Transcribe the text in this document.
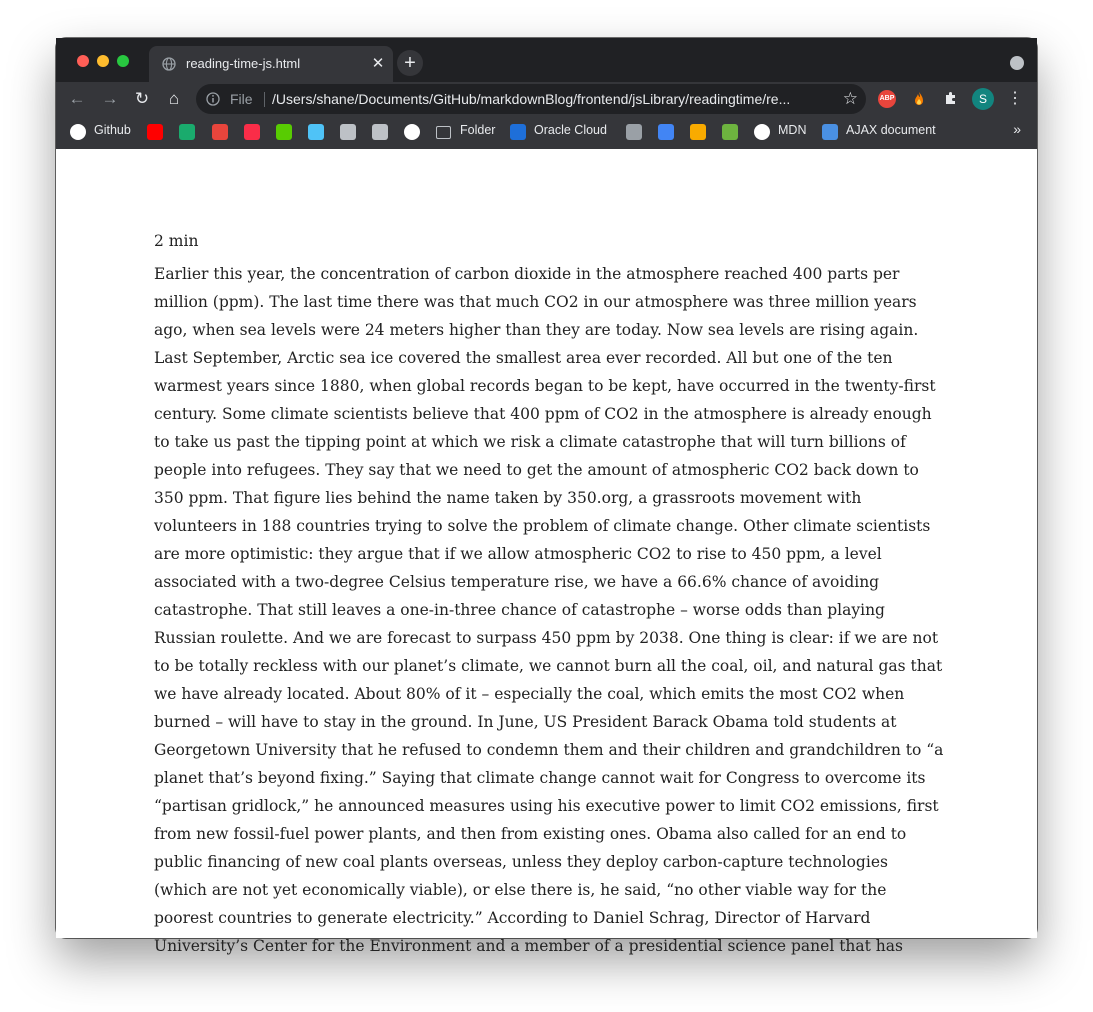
reading-time-js.html	✕ +
← → ↻	⌂	File /Users/shane/Documents/GitHub/markdownBlog/frontend/jsLibrary/readingtime/re...	☆	ABP	S	⋮
»
Github	Folder	Oracle Cloud	MDN	AJAX document
2 min

Earlier this year, the concentration of carbon dioxide in the atmosphere reached 400 parts per million (ppm). The last time there was that much CO2 in our atmosphere was three million years ago, when sea levels were 24 meters higher than they are today. Now sea levels are rising again. Last September, Arctic sea ice covered the smallest area ever recorded. All but one of the ten warmest years since 1880, when global records began to be kept, have occurred in the twenty-first century. Some climate scientists believe that 400 ppm of CO2 in the atmosphere is already enough to take us past the tipping point at which we risk a climate catastrophe that will turn billions of people into refugees. They say that we need to get the amount of atmospheric CO2 back down to 350 ppm. That figure lies behind the name taken by 350.org, a grassroots movement with volunteers in 188 countries trying to solve the problem of climate change. Other climate scientists are more optimistic: they argue that if we allow atmospheric CO2 to rise to 450 ppm, a level associated with a two-degree Celsius temperature rise, we have a 66.6% chance of avoiding catastrophe. That still leaves a one-in-three chance of catastrophe – worse odds than playing Russian roulette. And we are forecast to surpass 450 ppm by 2038. One thing is clear: if we are not to be totally reckless with our planet’s climate, we cannot burn all the coal, oil, and natural gas that we have already located. About 80% of it – especially the coal, which emits the most CO2 when burned – will have to stay in the ground. In June, US President Barack Obama told students at Georgetown University that he refused to condemn them and their children and grandchildren to “a planet that’s beyond fixing.” Saying that climate change cannot wait for Congress to overcome its “partisan gridlock,” he announced measures using his executive power to limit CO2 emissions, first from new fossil-fuel power plants, and then from existing ones. Obama also called for an end to public financing of new coal plants overseas, unless they deploy carbon-capture technologies (which are not yet economically viable), or else there is, he said, “no other viable way for the poorest countries to generate electricity.” According to Daniel Schrag, Director of Harvard University’s Center for the Environment and a member of a presidential science panel that has
